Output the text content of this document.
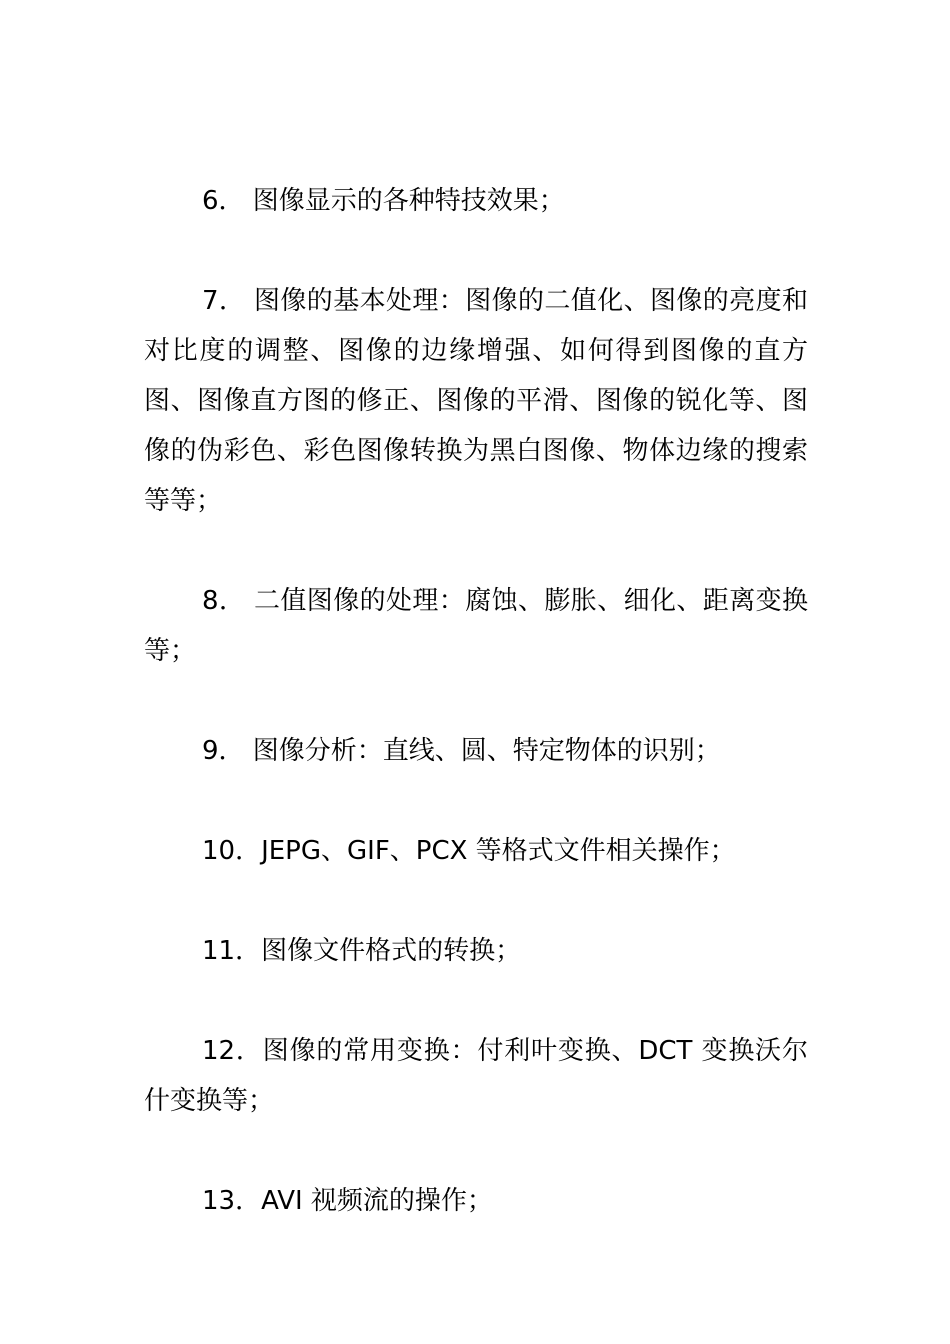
6． 图像显示的各种特技效果；

7． 图像的基本处理：图像的二值化、图像的亮度和对比度的调整、图像的边缘增强、如何得到图像的直方图、图像直方图的修正、图像的平滑、图像的锐化等、图像的伪彩色、彩色图像转换为黑白图像、物体边缘的搜索等等；

8． 二值图像的处理：腐蚀、膨胀、细化、距离变换等；

9． 图像分析：直线、圆、特定物体的识别；

10．JEPG、GIF、PCX 等格式文件相关操作；

11．图像文件格式的转换；

12．图像的常用变换：付利叶变换、DCT 变换沃尔什变换等；

13．AVI 视频流的操作；
